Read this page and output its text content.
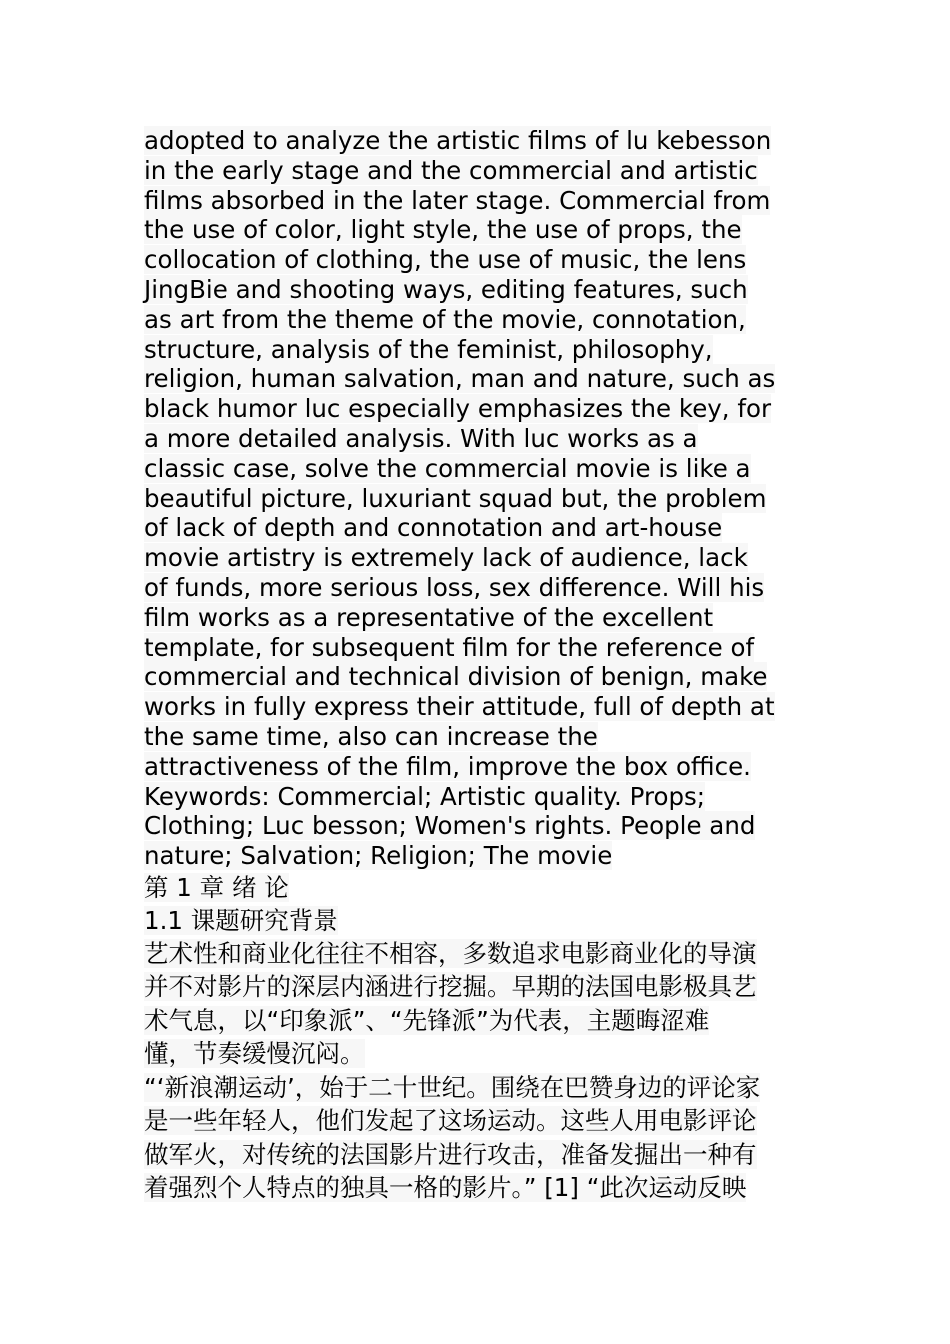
adopted to analyze the artistic films of lu kebesson
in the early stage and the commercial and artistic
films absorbed in the later stage. Commercial from
the use of color, light style, the use of props, the
collocation of clothing, the use of music, the lens
JingBie and shooting ways, editing features, such
as art from the theme of the movie, connotation,
structure, analysis of the feminist, philosophy,
religion, human salvation, man and nature, such as
black humor luc especially emphasizes the key, for
a more detailed analysis. With luc works as a
classic case, solve the commercial movie is like a
beautiful picture, luxuriant squad but, the problem
of lack of depth and connotation and art-house
movie artistry is extremely lack of audience, lack
of funds, more serious loss, sex difference. Will his
film works as a representative of the excellent
template, for subsequent film for the reference of
commercial and technical division of benign, make
works in fully express their attitude, full of depth at
the same time, also can increase the
attractiveness of the film, improve the box office.
Keywords: Commercial; Artistic quality. Props;
Clothing; Luc besson; Women's rights. People and
nature; Salvation; Religion; The movie
第 1 章 绪 论
1.1 课题研究背景
艺术性和商业化往往不相容，多数追求电影商业化的导演
并不对影片的深层内涵进行挖掘。早期的法国电影极具艺
术气息，以“印象派”、“先锋派”为代表，主题晦涩难
懂，节奏缓慢沉闷。
“‘新浪潮运动’，始于二十世纪。围绕在巴赞身边的评论家
是一些年轻人，他们发起了这场运动。这些人用电影评论
做军火，对传统的法国影片进行攻击，准备发掘出一种有
着强烈个人特点的独具一格的影片。” [1] “此次运动反映
